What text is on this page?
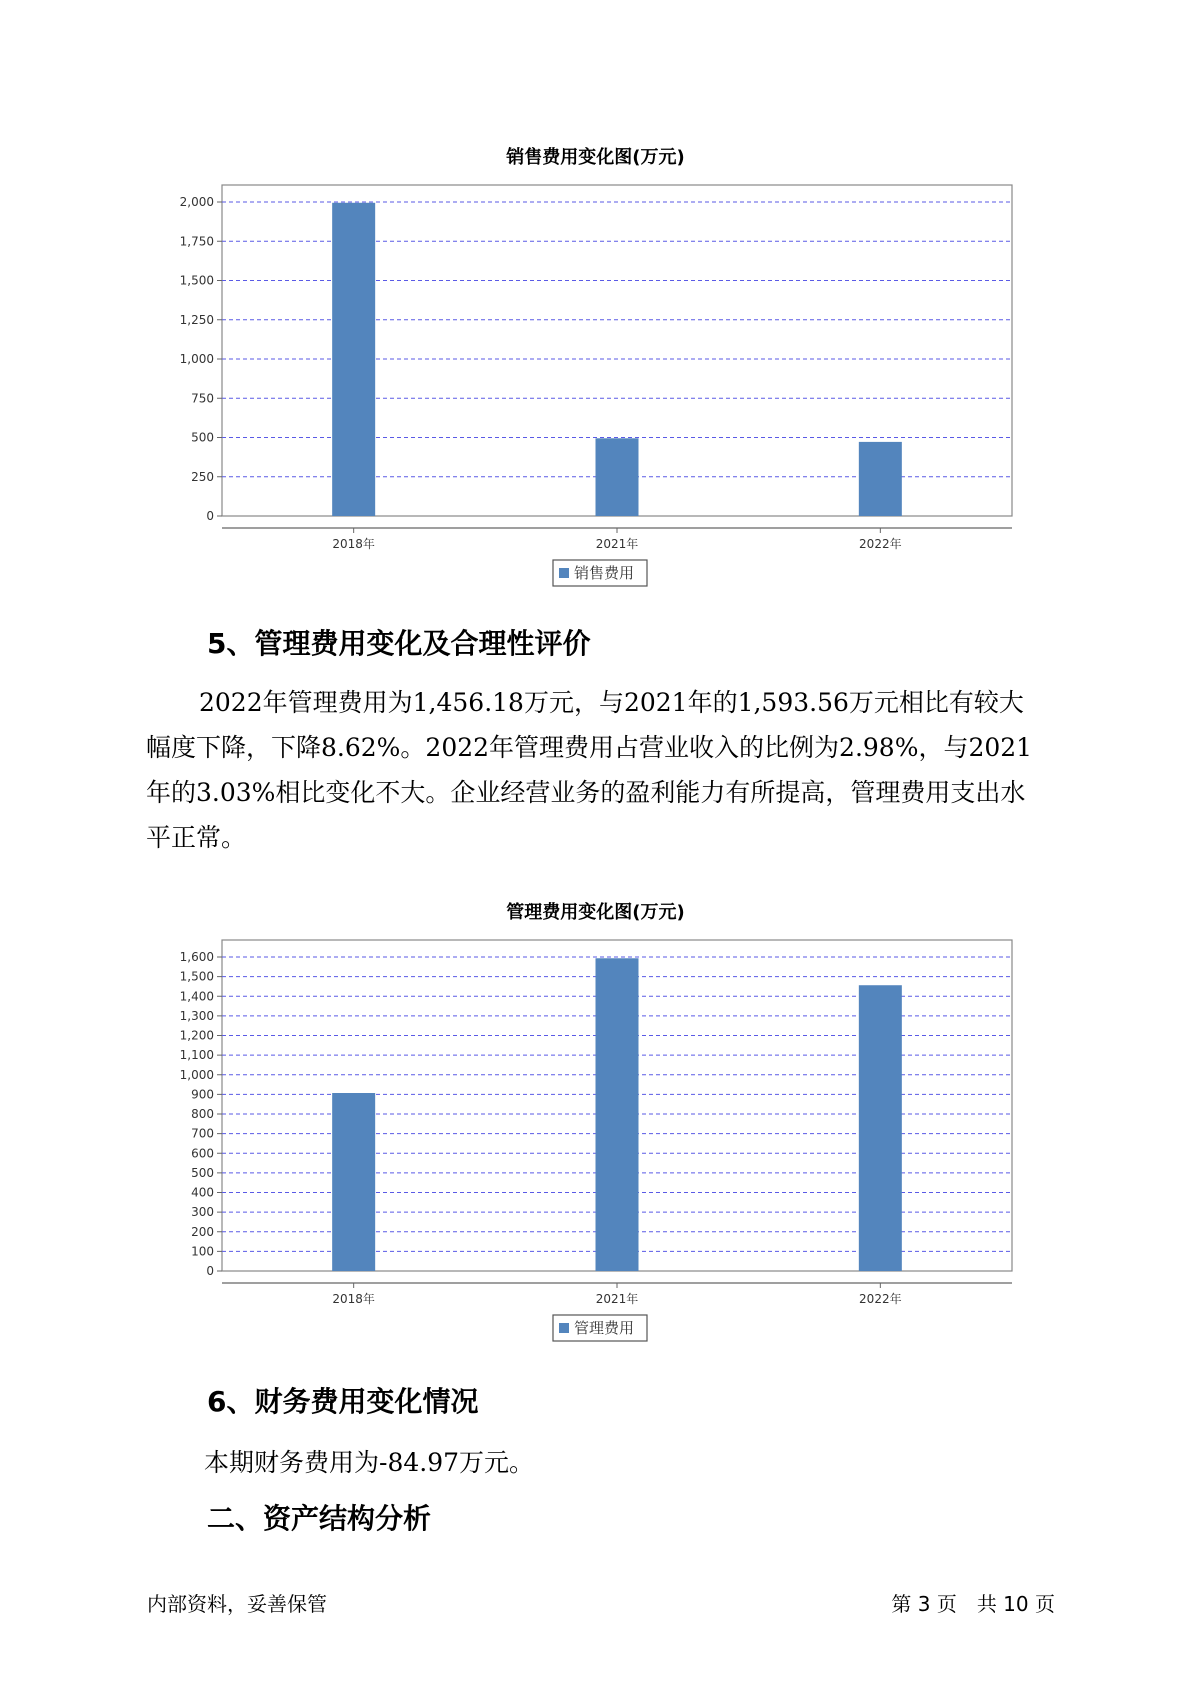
销售费用变化图(万元)
0
250
500
750
1,000
1,250
1,500
1,750
2,000
2018年	2021年	2022年
销售费用
5、管理费用变化及合理性评价

2022年管理费用为1,456.18万元，与2021年的1,593.56万元相比有较大幅度下降，下降8.62%。2022年管理费用占营业收入的比例为2.98%，与2021年的3.03%相比变化不大。企业经营业务的盈利能力有所提高，管理费用支出水平正常。

管理费用变化图(万元)
0
100
200
300
400
500
600
700
800
900
1,000
1,100
1,200
1,300
1,400
1,500
1,600
2018年	2021年	2022年
管理费用
6、财务费用变化情况
本期财务费用为-84.97万元。
二、资产结构分析
内部资料，妥善保管	第 3 页　共 10 页
